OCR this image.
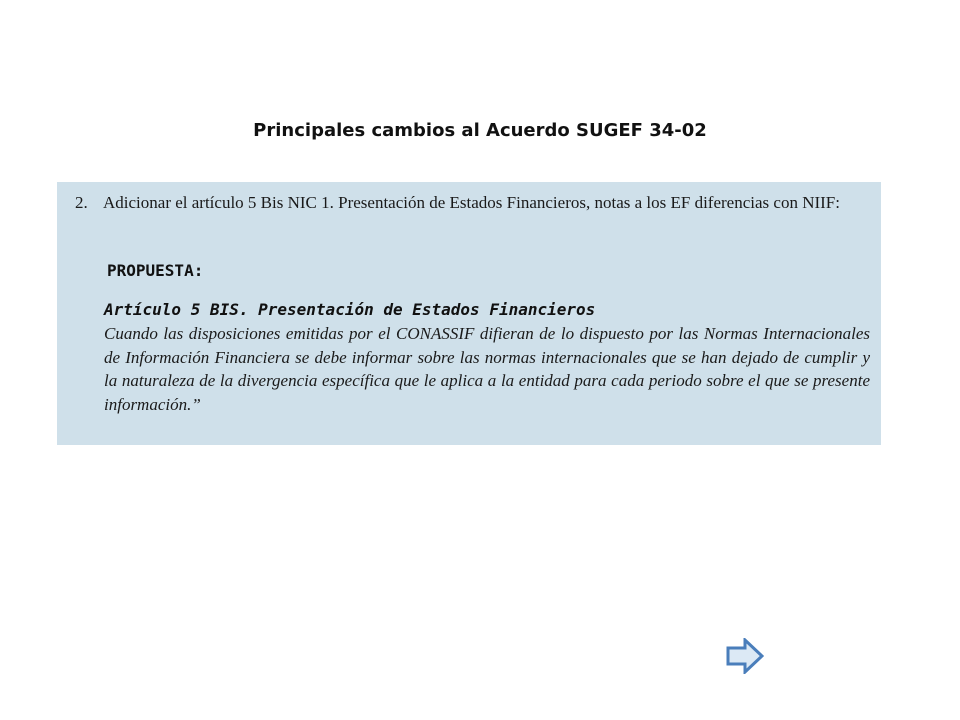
Principales cambios al Acuerdo SUGEF 34-02
2. Adicionar el artículo 5 Bis NIC 1. Presentación de Estados Financieros, notas a los EF diferencias con NIIF:
PROPUESTA:
Artículo 5 BIS. Presentación de Estados Financieros
Cuando las disposiciones emitidas por el CONASSIF difieran de lo dispuesto por las Normas Internacionales de Información Financiera se debe informar sobre las normas internacionales que se han dejado de cumplir y la naturaleza de la divergencia específica que le aplica a la entidad para cada periodo sobre el que se presente información.”
